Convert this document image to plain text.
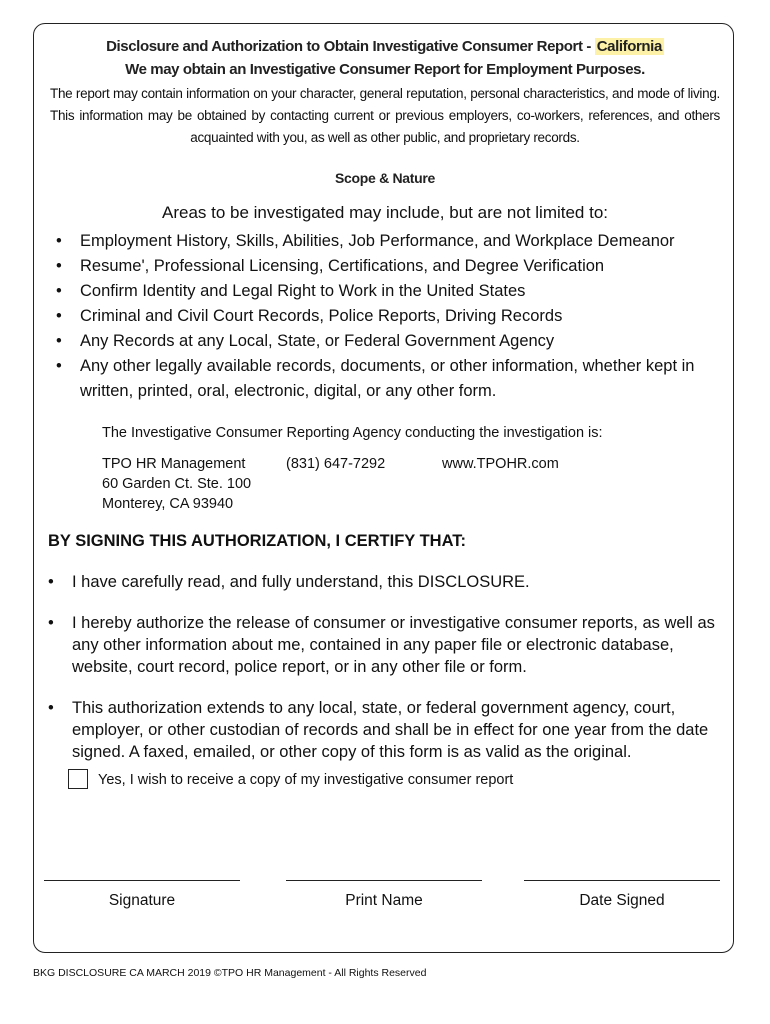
Disclosure and Authorization to Obtain Investigative Consumer Report - California
We may obtain an Investigative Consumer Report for Employment Purposes.
The report may contain information on your character, general reputation, personal characteristics, and mode of living. This information may be obtained by contacting current or previous employers, co-workers, references, and others acquainted with you, as well as other public, and proprietary records.
Scope & Nature
Areas to be investigated may include, but are not limited to:
• Employment History, Skills, Abilities, Job Performance, and Workplace Demeanor
• Resume', Professional Licensing, Certifications, and Degree Verification
• Confirm Identity and Legal Right to Work in the United States
• Criminal and Civil Court Records, Police Reports, Driving Records
• Any Records at any Local, State, or Federal Government Agency
• Any other legally available records, documents, or other information, whether kept in written, printed, oral, electronic, digital, or any other form.
The Investigative Consumer Reporting Agency conducting the investigation is:
TPO HR Management	(831) 647-7292	www.TPOHR.com
60 Garden Ct. Ste. 100
Monterey, CA 93940
BY SIGNING THIS AUTHORIZATION, I CERTIFY THAT:
• I have carefully read, and fully understand, this DISCLOSURE.
• I hereby authorize the release of consumer or investigative consumer reports, as well as any other information about me, contained in any paper file or electronic database, website, court record, police report, or in any other file or form.
• This authorization extends to any local, state, or federal government agency, court, employer, or other custodian of records and shall be in effect for one year from the date signed. A faxed, emailed, or other copy of this form is as valid as the original.
Yes, I wish to receive a copy of my investigative consumer report
Signature	Print Name	Date Signed
BKG DISCLOSURE CA MARCH 2019 ©TPO HR Management - All Rights Reserved
